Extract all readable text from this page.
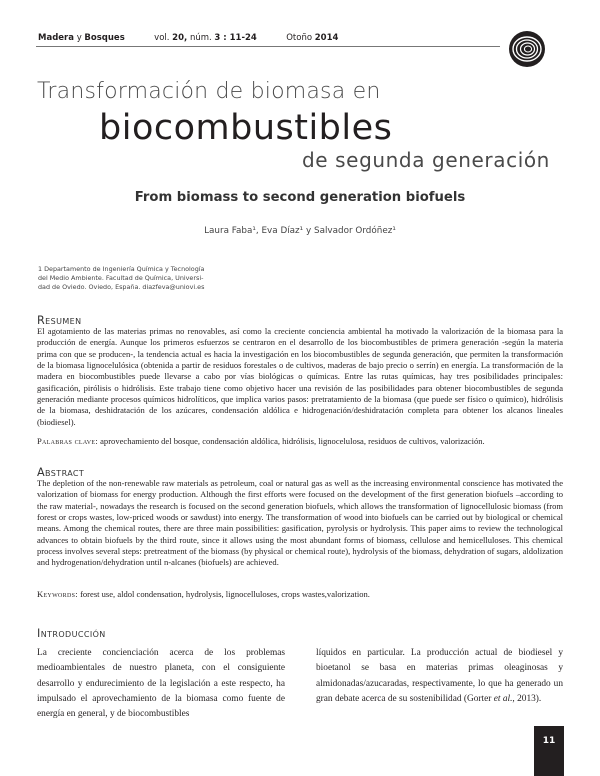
Madera y Bosques	vol. 20, núm. 3 : 11-24	Otoño 2014
Transformación de biomasa en
biocombustibles
de segunda generación
From biomass to second generation biofuels
Laura Faba¹, Eva Díaz¹ y Salvador Ordóñez¹
1 Departamento de Ingeniería Química y Tecnología
del Medio Ambiente. Facultad de Química, Universi-
dad de Oviedo. Oviedo, España. diazfeva@uniovi.es
Resumen
El agotamiento de las materias primas no renovables, así como la creciente conciencia ambiental ha motivado la valorización de la biomasa para la producción de energía. Aunque los primeros esfuerzos se centraron en el desarrollo de los biocombustibles de primera generación -según la materia prima con que se producen-, la tendencia actual es hacia la investigación en los biocombustibles de segunda generación, que permiten la transformación de la biomasa lignocelulósica (obtenida a partir de residuos forestales o de cultivos, maderas de bajo precio o serrín) en energía. La transformación de la madera en biocombustibles puede llevarse a cabo por vías biológicas o químicas. Entre las rutas químicas, hay tres posibilidades principales: gasificación, pirólisis o hidrólisis. Este trabajo tiene como objetivo hacer una revisión de las posibilidades para obtener biocombustibles de segunda generación mediante procesos químicos hidrolíticos, que implica varios pasos: pretratamiento de la biomasa (que puede ser físico o químico), hidrólisis de la biomasa, deshidratación de los azúcares, condensación aldólica e hidrogenación/deshidratación completa para obtener los alcanos lineales (biodiesel).
Palabras clave: aprovechamiento del bosque, condensación aldólica, hidrólisis, lignocelulosa, residuos de cultivos, valorización.
Abstract
The depletion of the non-renewable raw materials as petroleum, coal or natural gas as well as the increasing environmental conscience has motivated the valorization of biomass for energy production. Although the first efforts were focused on the development of the first generation biofuels –according to the raw material-, nowadays the research is focused on the second generation biofuels, which allows the transformation of lignocellulosic biomass (from forest or crops wastes, low-priced woods or sawdust) into energy. The transformation of wood into biofuels can be carried out by biological or chemical means. Among the chemical routes, there are three main possibilities: gasification, pyrolysis or hydrolysis. This paper aims to review the technological advances to obtain biofuels by the third route, since it allows using the most abundant forms of biomass, cellulose and hemicelluloses. This chemical process involves several steps: pretreatment of the biomass (by physical or chemical route), hydrolysis of the biomass, dehydration of sugars, aldolization and hydrogenation/dehydration until n-alcanes (biofuels) are achieved.
Keywords: forest use, aldol condensation, hydrolysis, lignocelluloses, crops wastes,valorization.
Introducción
La creciente concienciación acerca de los problemas medioambientales de nuestro planeta, con el consiguiente desarrollo y endurecimiento de la legislación a este respecto, ha impulsado el aprovechamiento de la biomasa como fuente de energía en general, y de biocombustibles
líquidos en particular. La producción actual de biodiesel y bioetanol se basa en materias primas oleaginosas y almidonadas/azucaradas, respectivamente, lo que ha generado un gran debate acerca de su sostenibilidad (Gorter et al., 2013).
11
